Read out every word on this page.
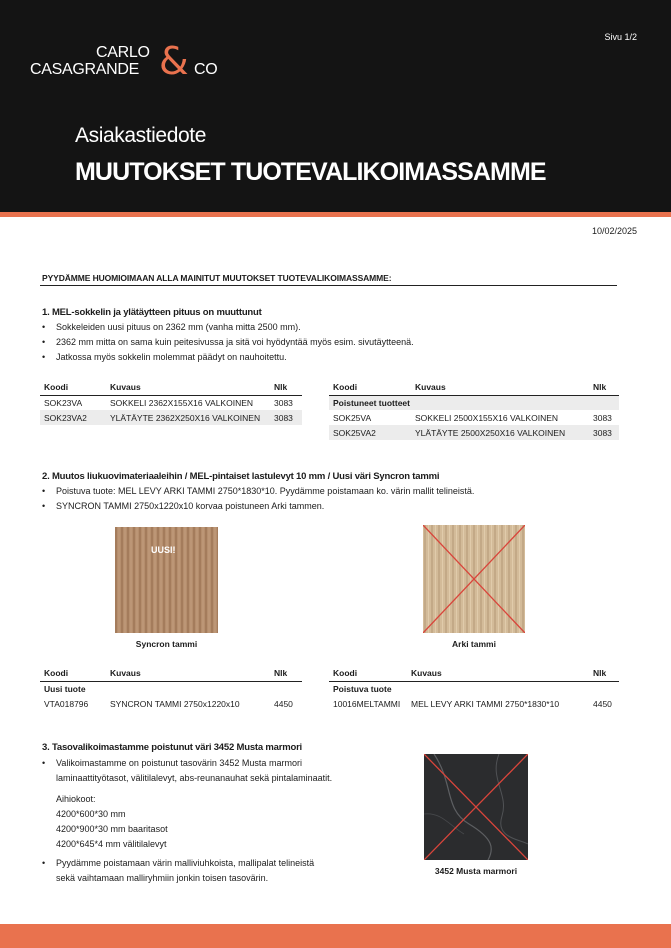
CARLO
CASAGRANDE & CO
Sivu 1/2
Asiakastiedote
MUUTOKSET TUOTEVALIKOIMASSAMME
10/02/2025
PYYDÄMME HUOMIOIMAAN ALLA MAINITUT MUUTOKSET TUOTEVALIKOIMASSAMME:
1. MEL-sokkelin ja ylätäytteen pituus on muuttunut
• Sokkeleiden uusi pituus on 2362 mm (vanha mitta 2500 mm).
• 2362 mm mitta on sama kuin peitesivussa ja sitä voi hyödyntää myös esim. sivutäytteenä.
• Jatkossa myös sokkelin molemmat päädyt on nauhoitettu.
Koodi	Kuvaus	Nlk
SOK23VA	SOKKELI 2362X155X16 VALKOINEN	3083
SOK23VA2	YLÄTÄYTE 2362X250X16 VALKOINEN	3083
Koodi	Kuvaus	Nlk
Poistuneet tuotteet		
SOK25VA	SOKKELI 2500X155X16 VALKOINEN	3083
SOK25VA2	YLÄTÄYTE 2500X250X16 VALKOINEN	3083
2. Muutos liukuovimateriaaleihin / MEL-pintaiset lastulevyt 10 mm / Uusi väri Syncron tammi
• Poistuva tuote: MEL LEVY ARKI TAMMI 2750*1830*10. Pyydämme poistamaan ko. värin mallit telineistä.
• SYNCRON TAMMI 2750x1220x10 korvaa poistuneen Arki tammen.
UUSI!
Syncron tammi	Arki tammi
Koodi	Kuvaus	Nlk
Uusi tuote		
VTA018796	SYNCRON TAMMI 2750x1220x10	4450
Koodi	Kuvaus	Nlk
Poistuva tuote		
10016MELTAMMI	MEL LEVY ARKI TAMMI 2750*1830*10	4450
3. Tasovalikoimastamme poistunut väri 3452 Musta marmori
• Valikoimastamme on poistunut tasovärin 3452 Musta marmori
laminaattityötasot, välitilalevyt, abs-reunanauhat sekä pintalaminaatit.
Aihiokoot:
4200*600*30 mm
4200*900*30 mm baaritasot
4200*645*4 mm välitilalevyt
• Pyydämme poistamaan värin malliviuhkoista, mallipalat telineistä
sekä vaihtamaan malliryhmiin jonkin toisen tasovärin.
3452 Musta marmori
